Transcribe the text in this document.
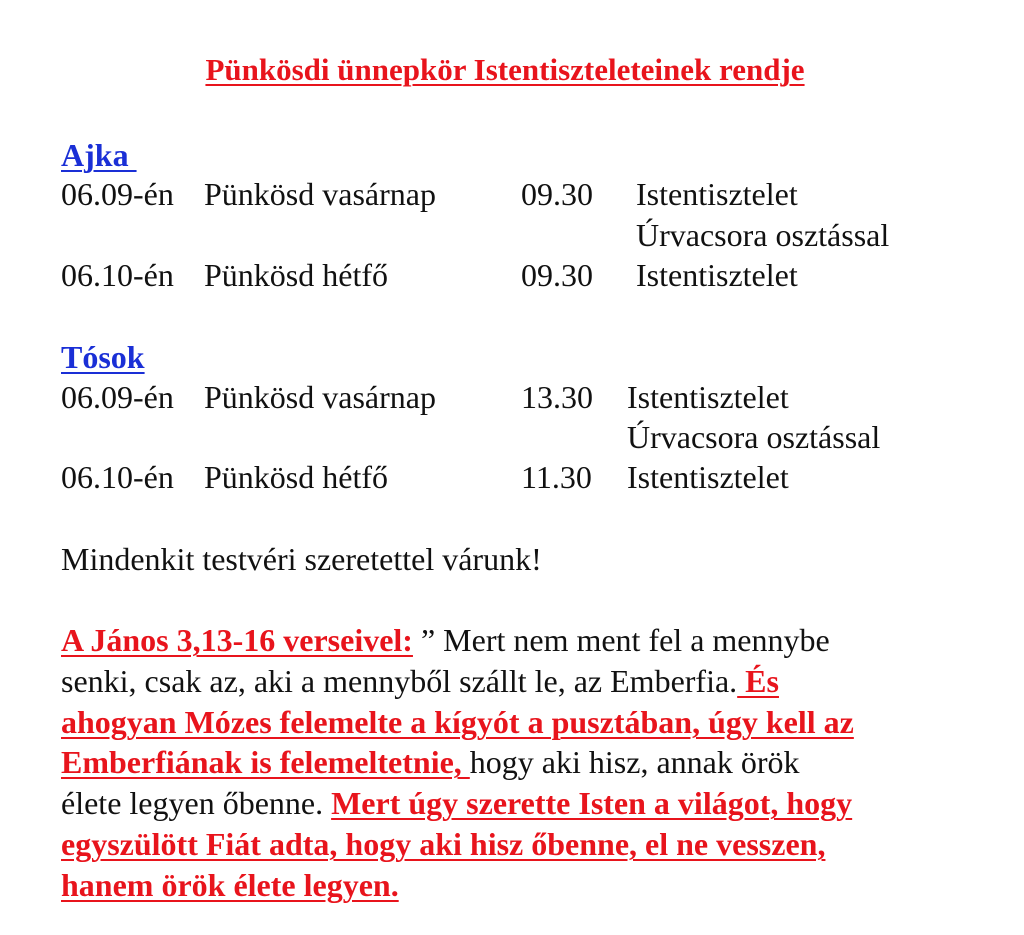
Pünkösdi ünnepkör Istentiszteleteinek rendje
Ajka
06.09-én Pünkösd vasárnap	09.30 Istentisztelet
Úrvacsora osztással
06.10-én Pünkösd hétfő	09.30 Istentisztelet
Tósok
06.09-én Pünkösd vasárnap	13.30 Istentisztelet
Úrvacsora osztással
06.10-én Pünkösd hétfő	11.30 Istentisztelet
Mindenkit testvéri szeretettel várunk!
A János 3,13-16 verseivel: ” Mert nem ment fel a mennybe
senki, csak az, aki a mennyből szállt le, az Emberfia. És
ahogyan Mózes felemelte a kígyót a pusztában, úgy kell az
Emberfiának is felemeltetnie, hogy aki hisz, annak örök
élete legyen őbenne. Mert úgy szerette Isten a világot, hogy
egyszülött Fiát adta, hogy aki hisz őbenne, el ne vesszen,
hanem örök élete legyen.
